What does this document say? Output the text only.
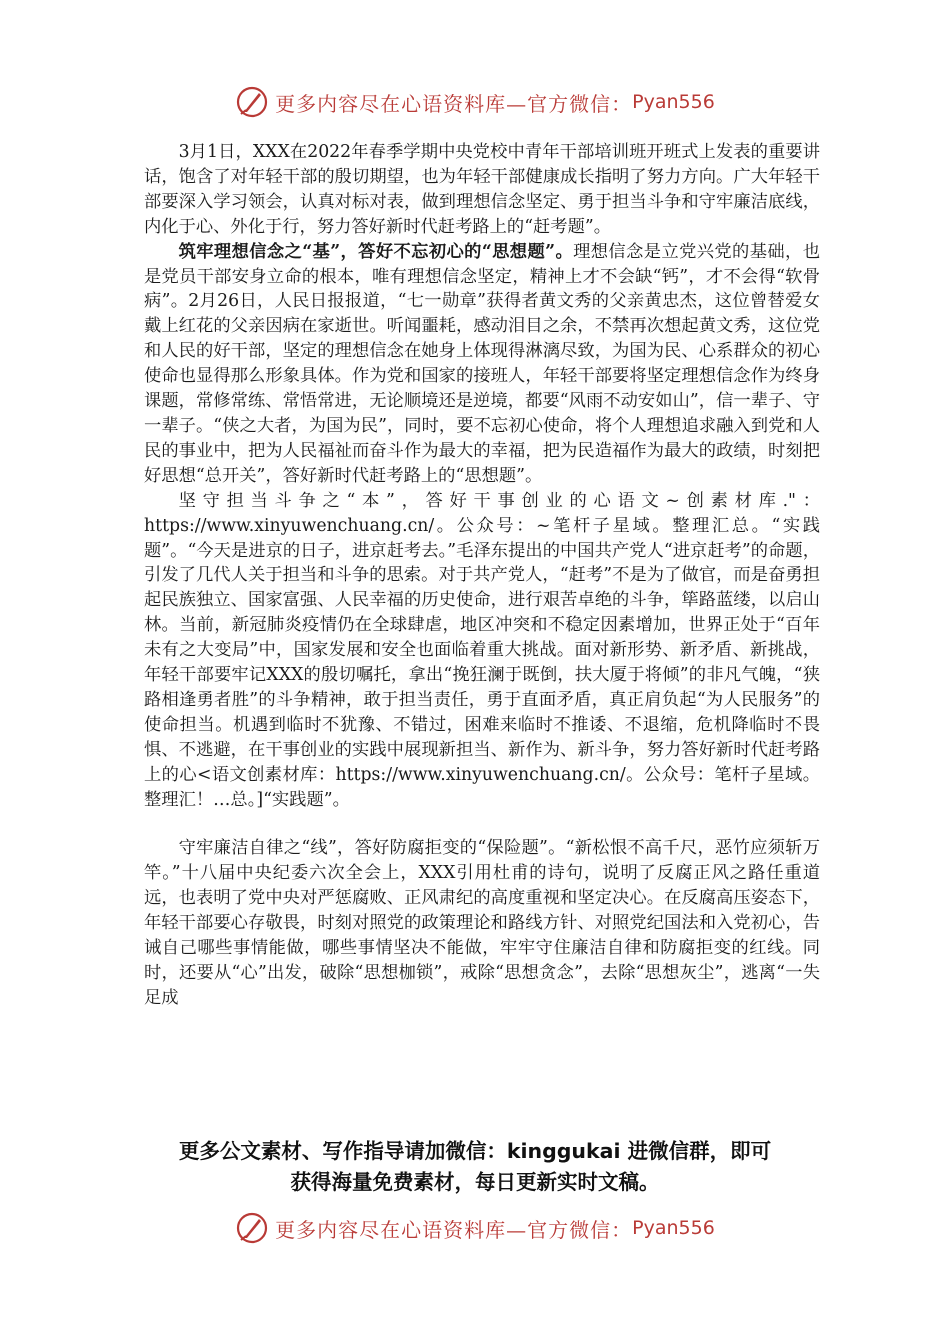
更多内容尽在心语资料库—官方微信： Pyan556

3月1日，XXX在2022年春季学期中央党校中青年干部培训班开班式上发表的重要讲话，饱含了对年轻干部的殷切期望，也为年轻干部健康成长指明了努力方向。广大年轻干部要深入学习领会，认真对标对表，做到理想信念坚定、勇于担当斗争和守牢廉洁底线，内化于心、外化于行，努力答好新时代赶考路上的“赶考题”。

筑牢理想信念之“基”，答好不忘初心的“思想题”。理想信念是立党兴党的基础，也是党员干部安身立命的根本，唯有理想信念坚定，精神上才不会缺“钙”，才不会得“软骨病”。2月26日，人民日报报道，“七一勋章”获得者黄文秀的父亲黄忠杰，这位曾替爱女戴上红花的父亲因病在家逝世。听闻噩耗，感动泪目之余，不禁再次想起黄文秀，这位党和人民的好干部，坚定的理想信念在她身上体现得淋漓尽致，为国为民、心系群众的初心使命也显得那么形象具体。作为党和国家的接班人，年轻干部要将坚定理想信念作为终身课题，常修常练、常悟常进，无论顺境还是逆境，都要“风雨不动安如山”，信一辈子、守一辈子。“侠之大者，为国为民”，同时，要不忘初心使命，将个人理想追求融入到党和人民的事业中，把为人民福祉而奋斗作为最大的幸福，把为民造福作为最大的政绩，时刻把好思想“总开关”，答好新时代赶考路上的“思想题”。

坚守担当斗争之“本”，答好干事创业的心语文~创素材库."：https://www.xinyuwenchuang.cn/。公众号：~笔杆子星域。整理汇总。“实践题”。“今天是进京的日子，进京赶考去。”毛泽东提出的中国共产党人“进京赶考”的命题，引发了几代人关于担当和斗争的思索。对于共产党人，“赶考”不是为了做官，而是奋勇担起民族独立、国家富强、人民幸福的历史使命，进行艰苦卓绝的斗争，筚路蓝缕，以启山林。当前，新冠肺炎疫情仍在全球肆虐，地区冲突和不稳定因素增加，世界正处于“百年未有之大变局”中，国家发展和安全也面临着重大挑战。面对新形势、新矛盾、新挑战，年轻干部要牢记XXX的殷切嘱托，拿出“挽狂澜于既倒，扶大厦于将倾”的非凡气魄，“狭路相逢勇者胜”的斗争精神，敢于担当责任，勇于直面矛盾，真正肩负起“为人民服务”的使命担当。机遇到临时不犹豫、不错过，困难来临时不推诿、不退缩，危机降临时不畏惧、不逃避，在干事创业的实践中展现新担当、新作为、新斗争，努力答好新时代赶考路上的心<语文创素材库：https://www.xinyuwenchuang.cn/。公众号：笔杆子星域。整理汇！…总。]“实践题”。

守牢廉洁自律之“线”，答好防腐拒变的“保险题”。“新松恨不高千尺，恶竹应须斩万竿。”十八届中央纪委六次全会上，XXX引用杜甫的诗句，说明了反腐正风之路任重道远，也表明了党中央对严惩腐败、正风肃纪的高度重视和坚定决心。在反腐高压姿态下，年轻干部要心存敬畏，时刻对照党的政策理论和路线方针、对照党纪国法和入党初心，告诫自己哪些事情能做，哪些事情坚决不能做，牢牢守住廉洁自律和防腐拒变的红线。同时，还要从“心”出发，破除“思想枷锁”，戒除“思想贪念”，去除“思想灰尘”，逃离“一失足成

更多公文素材、写作指导请加微信：kinggukai 进微信群，即可
获得海量免费素材，每日更新实时文稿。
更多内容尽在心语资料库—官方微信： Pyan556
